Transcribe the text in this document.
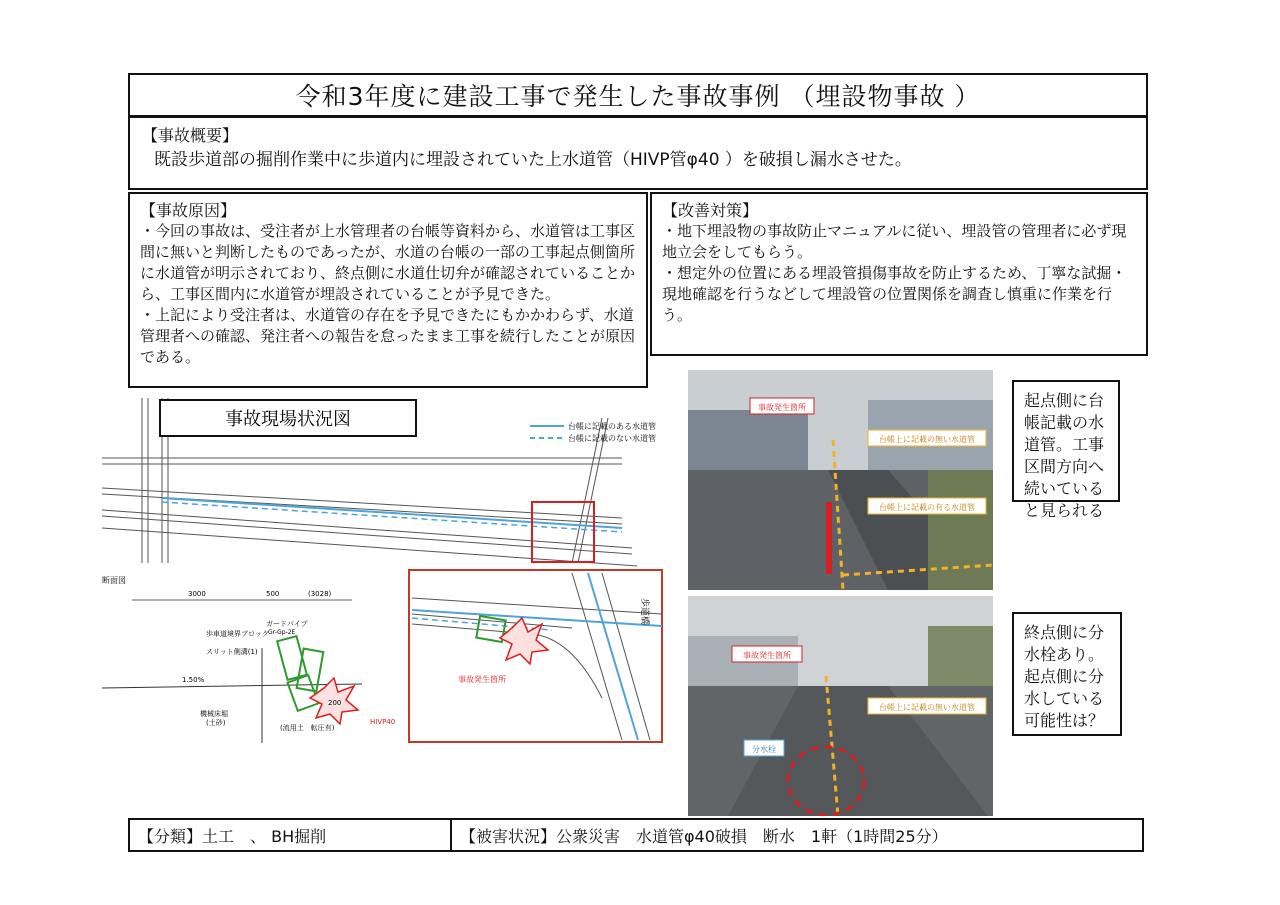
令和3年度に建設工事で発生した事故事例 （埋設物事故 ）
【事故概要】
既設歩道部の掘削作業中に歩道内に埋設されていた上水道管（HIVP管φ40 ）を破損し漏水させた。
【事故原因】
・今回の事故は、受注者が上水管理者の台帳等資料から、水道管は工事区間に無いと判断したものであったが、水道の台帳の一部の工事起点側箇所に水道管が明示されており、終点側に水道仕切弁が確認されていることから、工事区間内に水道管が埋設されていることが予見できた。
・上記により受注者は、水道管の存在を予見できたにもかかわらず、水道管理者への確認、発注者への報告を怠ったまま工事を続行したことが原因である。
【改善対策】
・地下埋設物の事故防止マニュアルに従い、埋設管の管理者に必ず現地立会をしてもらう。
・想定外の位置にある埋設管損傷事故を防止するため、丁寧な試掘・現地確認を行うなどして埋設管の位置関係を調査し慎重に作業を行う。
事故現場状況図	台帳に記載のある水道管
台帳に記載のない水道管
断面図
3000	500	(3028)
歩車道境界ブロック
ガードパイプ
Gr-Gp-2E
スリット側溝(1)
1.50%
機械床堀
(土砂)
(流用土　転圧有)
200
HIVP40
事故発生箇所
歩道橋
事故発生箇所
台帳上に記載の無い水道管
台帳上に記載の有る水道管
事故発生箇所
台帳上に記載の無い水道管
分水栓
起点側に台帳記載の水道管。工事区間方向へ続いていると見られる
終点側に分水栓あり。起点側に分水している可能性は？
【分類】土工　、 BH掘削	【被害状況】公衆災害　水道管φ40破損　断水　1軒（1時間25分）
